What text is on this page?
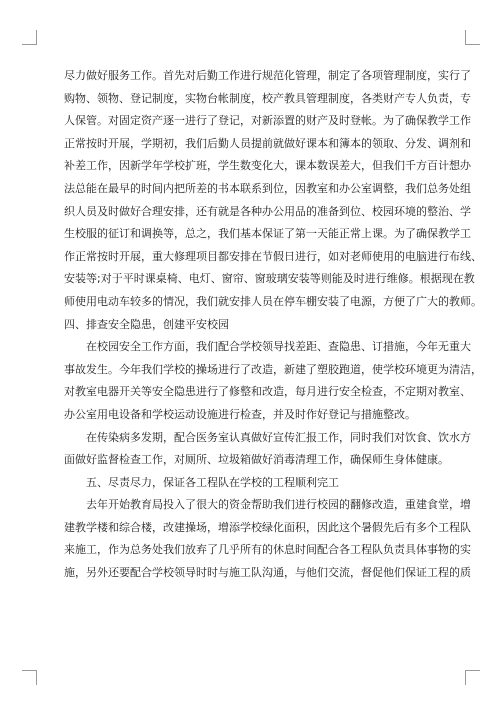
尽力做好服务工作。首先对后勤工作进行规范化管理，制定了各项管理制度，实行了
购物、领物、登记制度，实物台帐制度，校产教具管理制度，各类财产专人负责，专
人保管。对固定资产逐一进行了登记，对新添置的财产及时登帐。为了确保教学工作
正常按时开展，学期初，我们后勤人员提前就做好课本和簿本的领取、分发、调剂和
补差工作，因新学年学校扩班，学生数变化大，课本数误差大，但我们千方百计想办
法总能在最早的时间内把所差的书本联系到位，因教室和办公室调整，我们总务处组
织人员及时做好合理安排，还有就是各种办公用品的准备到位、校园环境的整治、学
生校服的征订和调换等，总之，我们基本保证了第一天能正常上课。为了确保教学工
作正常按时开展，重大修理项目都安排在节假日进行，如对老师使用的电脑进行布线、
安装等;对于平时课桌椅、电灯、窗帘、窗玻璃安装等则能及时进行维修。根据现在教
师使用电动车较多的情况，我们就安排人员在停车棚安装了电源，方便了广大的教师。
四、排查安全隐患，创建平安校园
在校园安全工作方面，我们配合学校领导找差距、查隐患、订措施，今年无重大
事故发生。今年我们学校的操场进行了改造，新建了塑胶跑道，使学校环境更为清洁，
对教室电器开关等安全隐患进行了修整和改造，每月进行安全检查，不定期对教室、
办公室用电设备和学校运动设施进行检查，并及时作好登记与措施整改。
在传染病多发期，配合医务室认真做好宣传汇报工作，同时我们对饮食、饮水方
面做好监督检查工作，对厕所、垃圾箱做好消毒清理工作，确保师生身体健康。
五、尽责尽力，保证各工程队在学校的工程顺利完工
去年开始教育局投入了很大的资金帮助我们进行校园的翻修改造，重建食堂，增
建教学楼和综合楼，改建操场，增添学校绿化面积，因此这个暑假先后有多个工程队
来施工，作为总务处我们放弃了几乎所有的休息时间配合各工程队负责具体事物的实
施，另外还要配合学校领导时时与施工队沟通，与他们交流，督促他们保证工程的质
